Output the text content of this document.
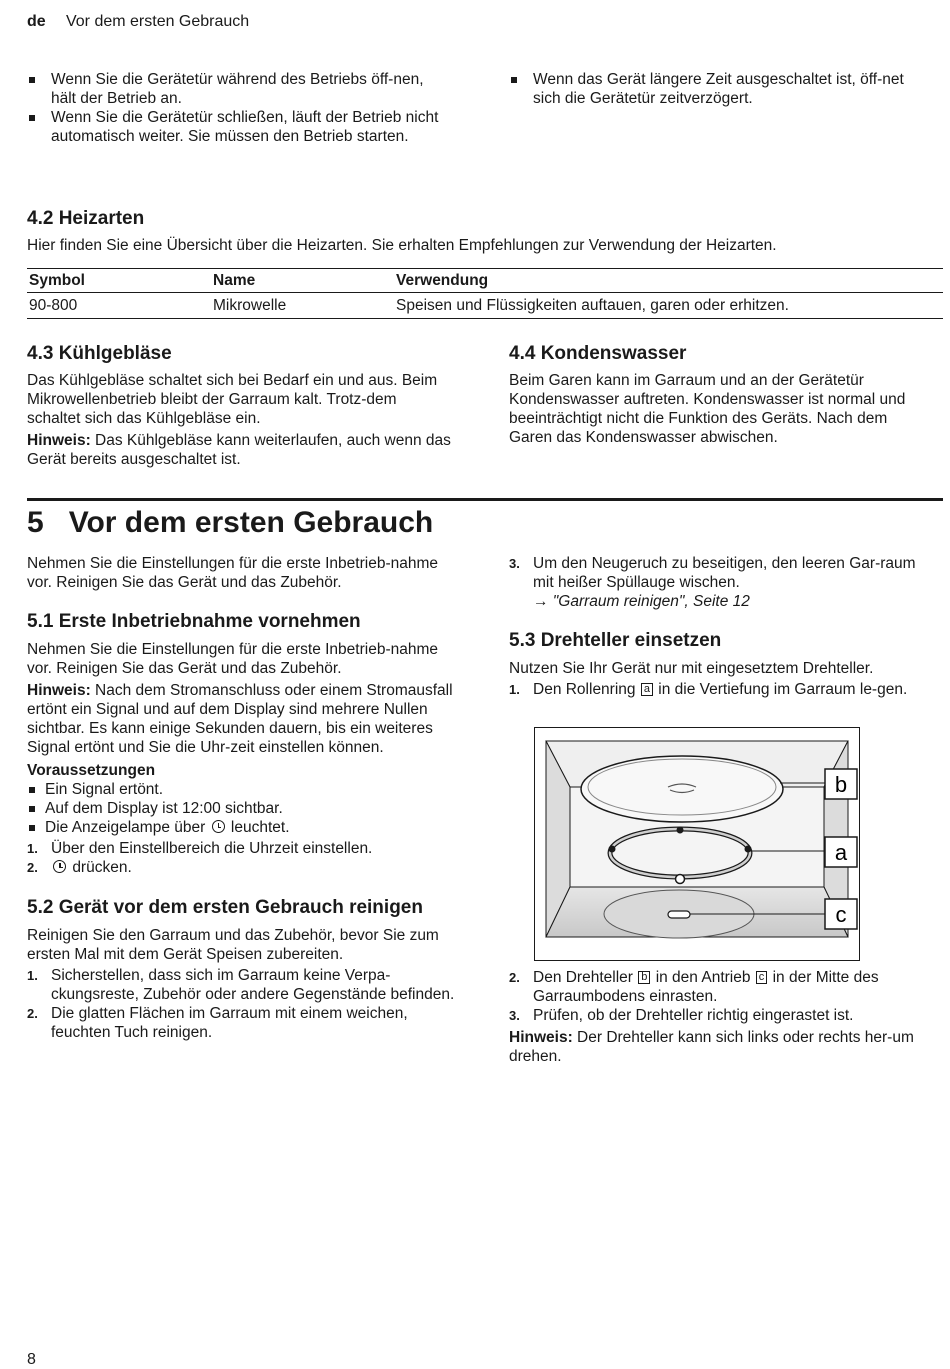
de Vor dem ersten Gebrauch

Wenn Sie die Gerätetür während des Betriebs öff-nen, hält der Betrieb an.

Wenn Sie die Gerätetür schließen, läuft der Betrieb nicht automatisch weiter. Sie müssen den Betrieb starten.

Wenn das Gerät längere Zeit ausgeschaltet ist, öff-net sich die Gerätetür zeitverzögert.

4.2 Heizarten

Hier finden Sie eine Übersicht über die Heizarten. Sie erhalten Empfehlungen zur Verwendung der Heizarten.

Symbol	Name	Verwendung
90-800	Mikrowelle	Speisen und Flüssigkeiten auftauen, garen oder erhitzen.
4.3 Kühlgebläse

Das Kühlgebläse schaltet sich bei Bedarf ein und aus. Beim Mikrowellenbetrieb bleibt der Garraum kalt. Trotz-dem schaltet sich das Kühlgebläse ein.

Hinweis: Das Kühlgebläse kann weiterlaufen, auch wenn das Gerät bereits ausgeschaltet ist.

4.4 Kondenswasser

Beim Garen kann im Garraum und an der Gerätetür Kondenswasser auftreten. Kondenswasser ist normal und beeinträchtigt nicht die Funktion des Geräts. Nach dem Garen das Kondenswasser abwischen.

5   Vor dem ersten Gebrauch

Nehmen Sie die Einstellungen für die erste Inbetrieb-nahme vor. Reinigen Sie das Gerät und das Zubehör.

5.1 Erste Inbetriebnahme vornehmen

Nehmen Sie die Einstellungen für die erste Inbetrieb-nahme vor. Reinigen Sie das Gerät und das Zubehör.

Hinweis: Nach dem Stromanschluss oder einem Stromausfall ertönt ein Signal und auf dem Display sind mehrere Nullen sichtbar. Es kann einige Sekunden dauern, bis ein weiteres Signal ertönt und Sie die Uhr-zeit einstellen können.

Voraussetzungen

Ein Signal ertönt.

Auf dem Display ist 12:00 sichtbar.

Die Anzeigelampe über leuchtet.

1. Über den Einstellbereich die Uhrzeit einstellen.

2. drücken.

5.2 Gerät vor dem ersten Gebrauch reinigen

Reinigen Sie den Garraum und das Zubehör, bevor Sie zum ersten Mal mit dem Gerät Speisen zubereiten.

1. Sicherstellen, dass sich im Garraum keine Verpa-ckungsreste, Zubehör oder andere Gegenstände befinden.

2. Die glatten Flächen im Garraum mit einem weichen, feuchten Tuch reinigen.

3. Um den Neugeruch zu beseitigen, den leeren Gar-raum mit heißer Spüllauge wischen.

→ "Garraum reinigen", Seite 12

5.3 Drehteller einsetzen

Nutzen Sie Ihr Gerät nur mit eingesetztem Drehteller.

1. Den Rollenring a in die Vertiefung im Garraum le-gen.

b
a
c

2. Den Drehteller b in den Antrieb c in der Mitte des Garraumbodens einrasten.

3. Prüfen, ob der Drehteller richtig eingerastet ist.

Hinweis: Der Drehteller kann sich links oder rechts her-um drehen.

8
